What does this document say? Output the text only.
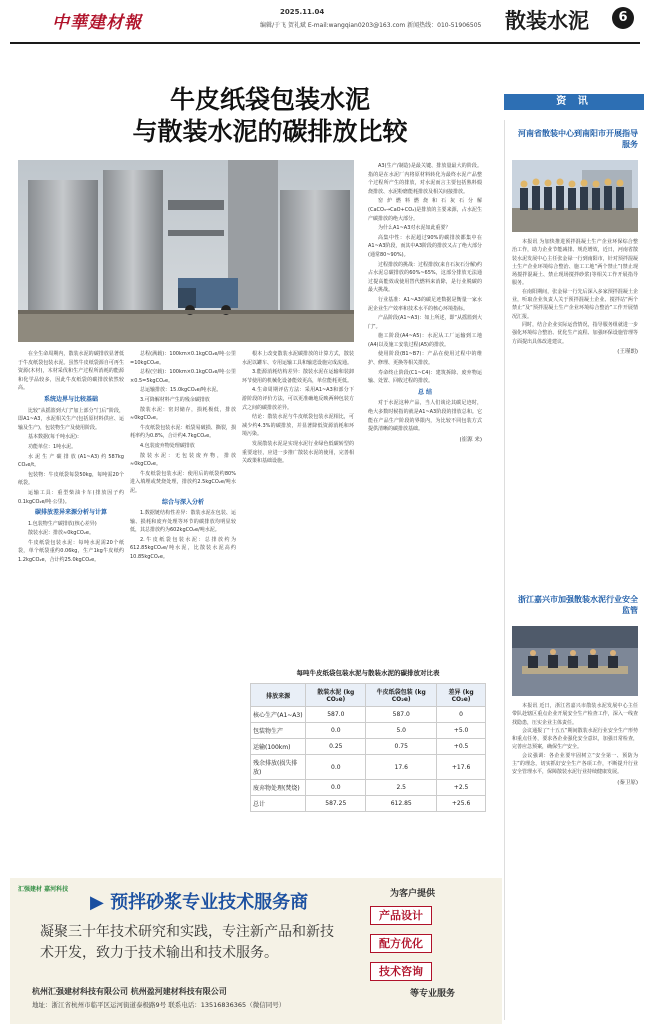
中華建材報
2025.11.04
编辑/于飞 贺礼斌 E-mail:wangqian0203@163.com 新闻热线：010-51906505	散装水泥	6
牛皮纸袋包装水泥
与散装水泥的碳排放比较

在全生命周期内，散装水泥的碳排放显著低于牛皮纸袋包装水泥。虽然牛皮纸袋源自可再生资源(木材)，木材采伐和生产过程所消耗的能源和化学品较多，因此牛皮纸袋的碳排放依然较高。

系统边界与比较基础

比较“从摇篮到大门”加上部分“门后”阶段，即A1~A3，水泥相关生产(包括原材料供应、运输及生产)，包装物生产及使用阶段。

基本数据(每千吨水泥)：

功能单位：1吨水泥。

水泥生产碳排放(A1~A3)约587kg CO₂e/t。

包装物：牛皮纸袋每袋50kg，每吨需20个纸袋。

运输工具：重型柴油卡车(排放因子约0.1kgCO₂e/吨·公里)。

碳排放差异来源分析与计算

1.包装物生产碳排放(核心差异)

散装水泥：排放≈0kgCO₂e。

牛皮纸袋包装水泥：每吨水泥需20个纸袋，单个纸袋重约0.06kg，生产1kg牛皮纸约1.2kgCO₂e，合计约25.0kgCO₂e。

总程(满载)：100km×0.1kgCO₂e/吨·公里=10kgCO₂e。

总程(空载)：100km×0.1kgCO₂e/吨·公里×0.5=5kgCO₂e。

总运输排放：15.0kgCO₂e/吨水泥。

3.可降解材料产生的残余碳排放

散装水泥：密封储存，损耗极低，排放≈0kgCO₂e。

牛皮纸袋包装水泥：纸袋易破损、撕裂，损耗率约为0.8%，合计约4.7kgCO₂e。

4.包装废弃物处理碳排放

散装水泥：无包装废弃物，排放≈0kgCO₂e。

牛皮纸袋包装水泥：使用后的纸袋约80%进入填埋或焚烧处理，排放约2.5kgCO₂e/吨水泥。

综合与深入分析

1.数据链结构性差异：散装水泥在包装、运输、损耗和废弃处理等环节的碳排放均明显较低，其总排放约为602kgCO₂e/吨水泥。

2.牛皮纸袋包装水泥：总排放约为612.85kgCO₂e/吨水泥，比散装水泥高约10.85kgCO₂e。

根本上改变散装水泥碳排放的计算方式，散装水泥以罐车、专用运输工具和输送设施完成流通。

3.能源消耗结构差异：散装水泥在运输和装卸环节使用的机械化设备能效更高，单位能耗更低。

4.生命周期评估方法：采用A1~A3和部分下游阶段的评价方法，可以更准确地反映两种包装方式之间的碳排放差异。

结论：散装水泥与牛皮纸袋包装水泥相比，可减少约4.3%的碳排放，并显著降低资源消耗和环境污染。

发展散装水泥是实现水泥行业绿色低碳转型的重要途径，应进一步推广散装水泥的使用，完善相关政策和基础设施。

A3(生产/制造)是最关键、排放量最大的阶段。指的是在水泥厂内将原材料转化为最终水泥产品整个过程所产生的排放，对水泥而言主要包括熟料煅烧排放、水泥粉磨能耗排放及相关间接排放。

窑炉燃料燃烧和石灰石分解(CaCO₃→CaO+CO₂)是排放的主要来源，占水泥生产碳排放的绝大部分。

为什么A1~A3对水泥如此重要？

高集中性：水泥超过90%的碳排放都集中在A1~A3阶段，而其中A3阶段的排放又占了绝大部分(通常80~90%)。

过程排放的挑战：过程排放(来自石灰石分解)约占水泥总碳排放的60%~65%，这部分排放无法通过提高能效或使用替代燃料来消除，是行业脱碳的最大挑战。

行业基准：A1~A3的碳足迹数据是衡量一家水泥企业生产效率和技术水平的核心环境指标。

产品阶段(A1~A3)：如上所述，即“从摇篮到大门”。

施工阶段(A4~A5)：水泥从工厂运输到工地(A4)以及施工安装过程(A5)的排放。

使用阶段(B1~B7)：产品在使用过程中的维护、修理、更换等相关排放。

寿命终止阶段(C1~C4)：建筑拆除、废弃物运输、处置、回收过程的排放。

总 结

对于水泥这种产品，当人们谈论其碳足迹时，绝大多数时候指的就是A1~A3阶段的排放总和。它能在产品生产阶段的界限内，为比较不同包装方式提供清晰的碳排放基础。

(崔源 来)
每吨牛皮纸袋包装水泥与散装水泥的碳排放对比表
排放来源	散装水泥 (kg CO₂e)	牛皮纸袋包装 (kg CO₂e)	差异 (kg CO₂e)
核心生产(A1~A3)	587.0	587.0	0
包装物生产	0.0	5.0	+5.0
运输(100km)	0.25	0.75	+0.5
残余排放(损失排放)	0.0	17.6	+17.6
废弃物处理(焚烧)	0.0	2.5	+2.5
总计	587.25	612.85	+25.6
资 讯
河南省散装中心到南阳市开展指导服务

本报讯 为加快推进预拌混凝土生产企业环保综合整治工作，助力企业节能减排、规范增效，近日，河南省散装水泥发展中心主任张金禄一行到南阳市，针对预拌混凝土生产企业环境综合整治、施工工地“两个禁止”(禁止现场搅拌混凝土、禁止现场搅拌砂浆)等相关工作开展指导服务。

在南阳期间，张金禄一行先后深入多家预拌混凝土企业，听取企业负责人关于预拌混凝土企业、搅拌站“两个禁止”及“预拌混凝土生产企业环境综合整治”工作开展情况汇报。

同时，结合企业实际运营情况，指导服务组就进一步强化环境综合整治、优化生产流程、加强环保设施管理等方面提出具体改进建议。

(王瑾朗)
浙江嘉兴市加强散装水泥行业安全监管

本报讯 近日，浙江省嘉兴市散装水泥发展中心主任带队赴辖区重点企业开展安全生产检查工作，深入一线查找隐患，压实企业主体责任。

会议通报了“十五五”期间散装水泥行业安全生产形势和重点任务，要求各企业强化安全意识，加强日常检查，完善应急预案，确保生产安全。

会议强调：各企业要牢固树立“安全第一、预防为主”的理念，切实抓好安全生产各项工作，不断提升行业安全管理水平，保障散装水泥行业持续健康发展。

(秦卫原)
汇强建材 嘉河科技
▶ 预拌砂浆专业技术服务商	为客户提供
凝聚三十年技术研究和实践，专注新产品和新技术开发，致力于技术输出和技术服务。
产品设计
配方优化
技术咨询
等专业服务
杭州汇强建材科技有限公司 杭州盈河建材科技有限公司
地址：浙江省杭州市临平区运河街道泰极路9号 联系电话：13516836365（微信同号）
